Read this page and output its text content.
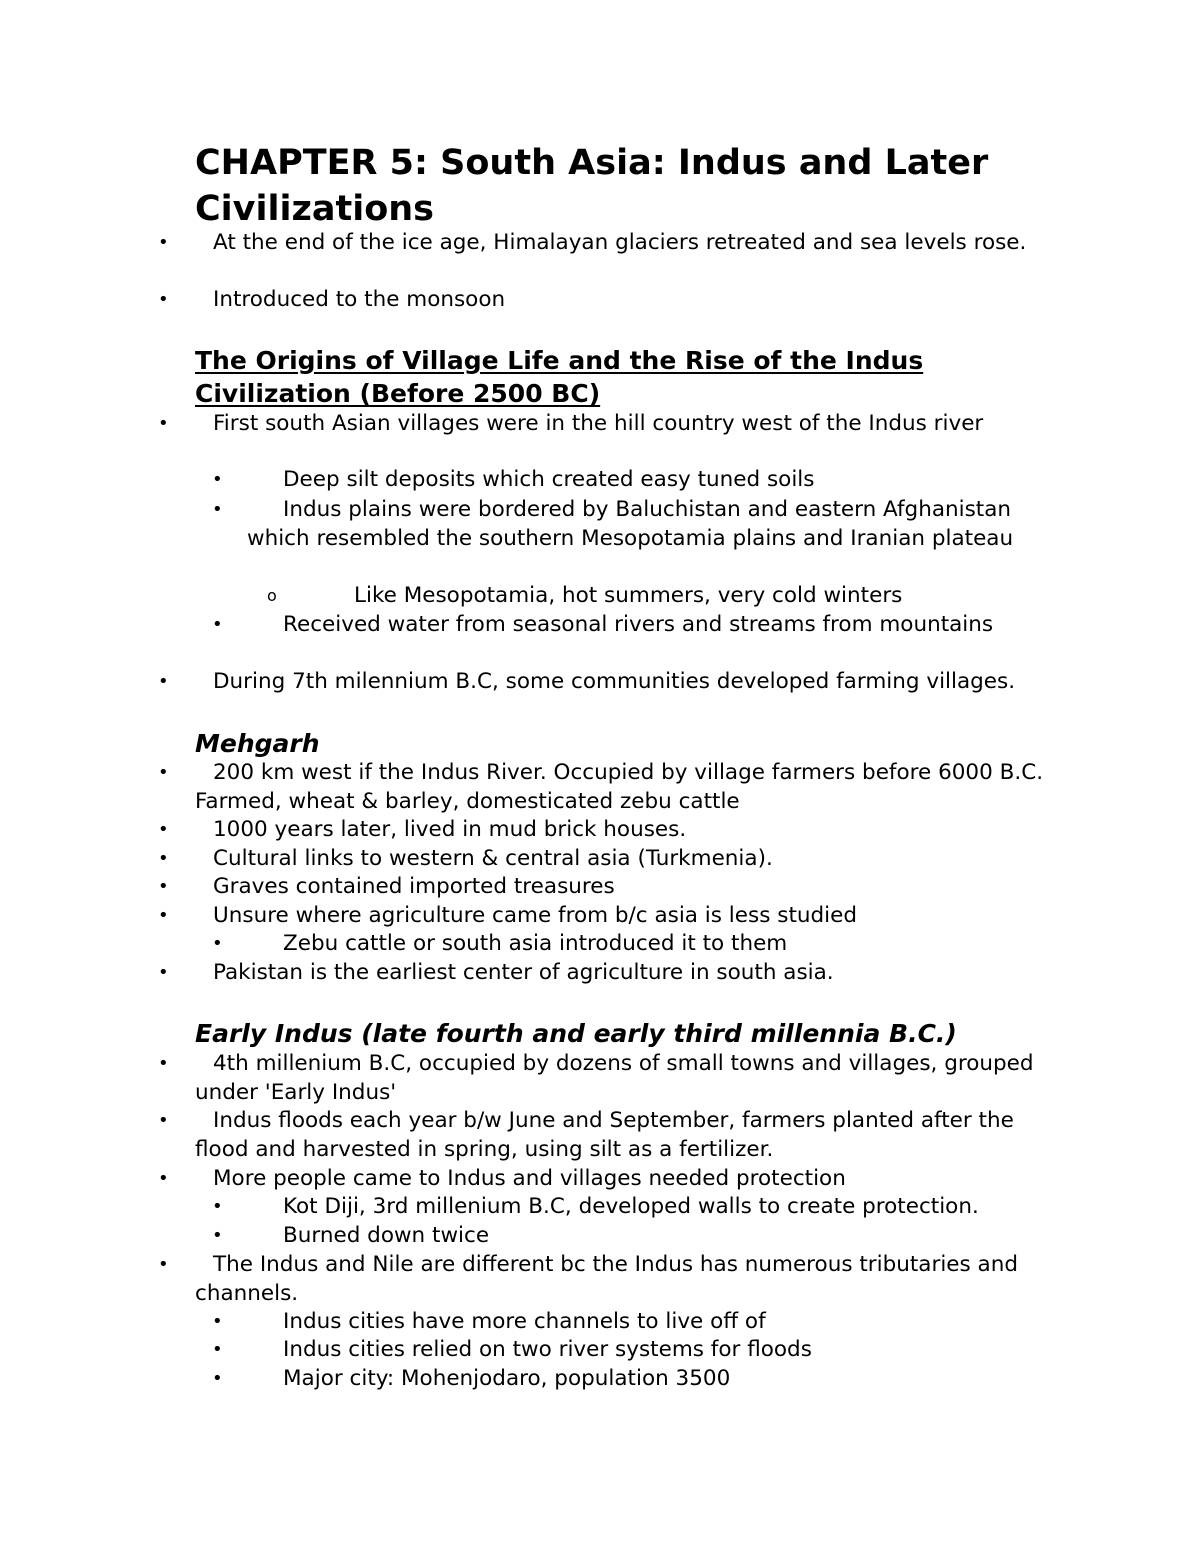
CHAPTER 5: South Asia: Indus and Later Civilizations

• At the end of the ice age, Himalayan glaciers retreated and sea levels rose.

• Introduced to the monsoon

The Origins of Village Life and the Rise of the Indus Civilization (Before 2500 BC)

• First south Asian villages were in the hill country west of the Indus river

•	Deep silt deposits which created easy tuned soils

•	Indus plains were bordered by Baluchistan and eastern Afghanistan which resembled the southern Mesopotamia plains and Iranian plateau

o	Like Mesopotamia, hot summers, very cold winters

•	Received water from seasonal rivers and streams from mountains

• During 7th milennium B.C, some communities developed farming villages.

Mehgarh

• 200 km west if the Indus River. Occupied by village farmers before 6000 B.C. Farmed, wheat & barley, domesticated zebu cattle

• 1000 years later, lived in mud brick houses.

• Cultural links to western & central asia (Turkmenia).

• Graves contained imported treasures

• Unsure where agriculture came from b/c asia is less studied

•	Zebu cattle or south asia introduced it to them

• Pakistan is the earliest center of agriculture in south asia.

Early Indus (late fourth and early third millennia B.C.)

• 4th millenium B.C, occupied by dozens of small towns and villages, grouped under 'Early Indus'

• Indus floods each year b/w June and September, farmers planted after the flood and harvested in spring, using silt as a fertilizer.

• More people came to Indus and villages needed protection

•	Kot Diji, 3rd millenium B.C, developed walls to create protection.

•	Burned down twice

• The Indus and Nile are different bc the Indus has numerous tributaries and channels.

•	Indus cities have more channels to live off of

•	Indus cities relied on two river systems for floods

•	Major city: Mohenjodaro, population 3500
